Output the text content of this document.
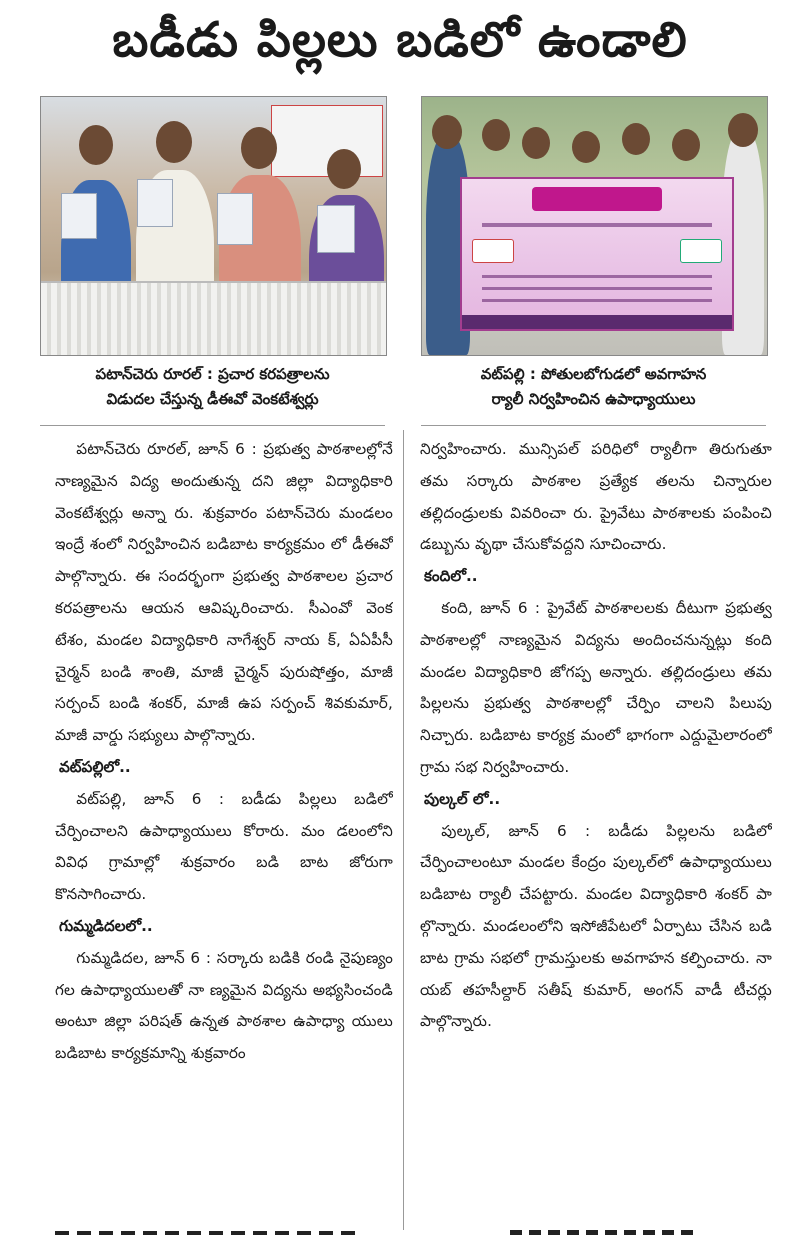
బడీడు పిల్లలు బడిలో ఉండాలి
పటాన్‌చెరు రూరల్ : ప్రచార కరపత్రాలను
విడుదల చేస్తున్న డీఈవో వెంకటేశ్వర్లు
వట్‌పల్లి : పోతులబోగుడలో అవగాహన
ర్యాలీ నిర్వహించిన ఉపాధ్యాయులు

పటాన్‌చెరు రూరల్, జూన్ 6 : ప్రభుత్వ పాఠశాలల్లోనే నాణ్యమైన విద్య అందుతున్న దని జిల్లా విద్యాధికారి వెంకటేశ్వర్లు అన్నా రు. శుక్రవారం పటాన్‌చెరు మండలం ఇంద్రే శంలో నిర్వహించిన బడిబాట కార్యక్రమం లో డీఈవో పాల్గొన్నారు. ఈ సందర్భంగా ప్రభుత్వ పాఠశాలల ప్రచార కరపత్రాలను ఆయన ఆవిష్కరించారు. సీఎంవో వెంక టేశం, మండల విద్యాధికారి నాగేశ్వర్ నాయ క్, ఏఏపీసీ చైర్మన్ బండి శాంతి, మాజీ చైర్మన్ పురుషోత్తం, మాజీ సర్పంచ్ బండి శంకర్, మాజీ ఉప సర్పంచ్ శివకుమార్, మాజీ వార్డు సభ్యులు పాల్గొన్నారు.

వట్‌పల్లిలో..

వట్‌పల్లి, జూన్ 6 : బడీడు పిల్లలు బడిలో చేర్పించాలని ఉపాధ్యాయులు కోరారు. మం డలంలోని వివిధ గ్రామాల్లో శుక్రవారం బడి బాట జోరుగా కొనసాగించారు.

గుమ్మడిదలలో..

గుమ్మడిదల, జూన్ 6 : సర్కారు బడికి రండి నైపుణ్యం గల ఉపాధ్యాయులతో నా ణ్యమైన విద్యను అభ్యసించండి అంటూ జిల్లా పరిషత్ ఉన్నత పాఠశాల ఉపాధ్యా యులు బడిబాట కార్యక్రమాన్ని శుక్రవారం

నిర్వహించారు. మున్సిపల్ పరిధిలో ర్యాలీగా తిరుగుతూ తమ సర్కారు పాఠశాల ప్రత్యేక తలను చిన్నారుల తల్లిదండ్రులకు వివరించా రు. ప్రైవేటు పాఠశాలకు పంపించి డబ్బును వృథా చేసుకోవద్దని సూచించారు.

కందిలో..

కంది, జూన్ 6 : ప్రైవేట్ పాఠశాలలకు దీటుగా ప్రభుత్వ పాఠశాలల్లో నాణ్యమైన విద్యను అందించనున్నట్లు కంది మండల విద్యాధికారి జోగప్ప అన్నారు. తల్లిదండ్రులు తమ పిల్లలను ప్రభుత్వ పాఠశాలల్లో చేర్పిం చాలని పిలుపు నిచ్చారు. బడిబాట కార్యక్ర మంలో భాగంగా ఎద్దుమైలారంలో గ్రామ సభ నిర్వహించారు.

పుల్కల్ లో..

పుల్కల్, జూన్ 6 : బడీడు పిల్లలను బడిలో చేర్పించాలంటూ మండల కేంద్రం పుల్కల్‌లో ఉపాధ్యాయులు బడిబాట ర్యాలీ చేపట్టారు. మండల విద్యాధికారి శంకర్ పా ల్గొన్నారు. మండలంలోని ఇసోజీపేటలో ఏర్పాటు చేసిన బడి బాట గ్రామ సభలో గ్రామస్తులకు అవగాహన కల్పించారు. నా యబ్ తహసీల్దార్ సతీష్ కుమార్, అంగన్ వాడీ టీచర్లు పాల్గొన్నారు.
